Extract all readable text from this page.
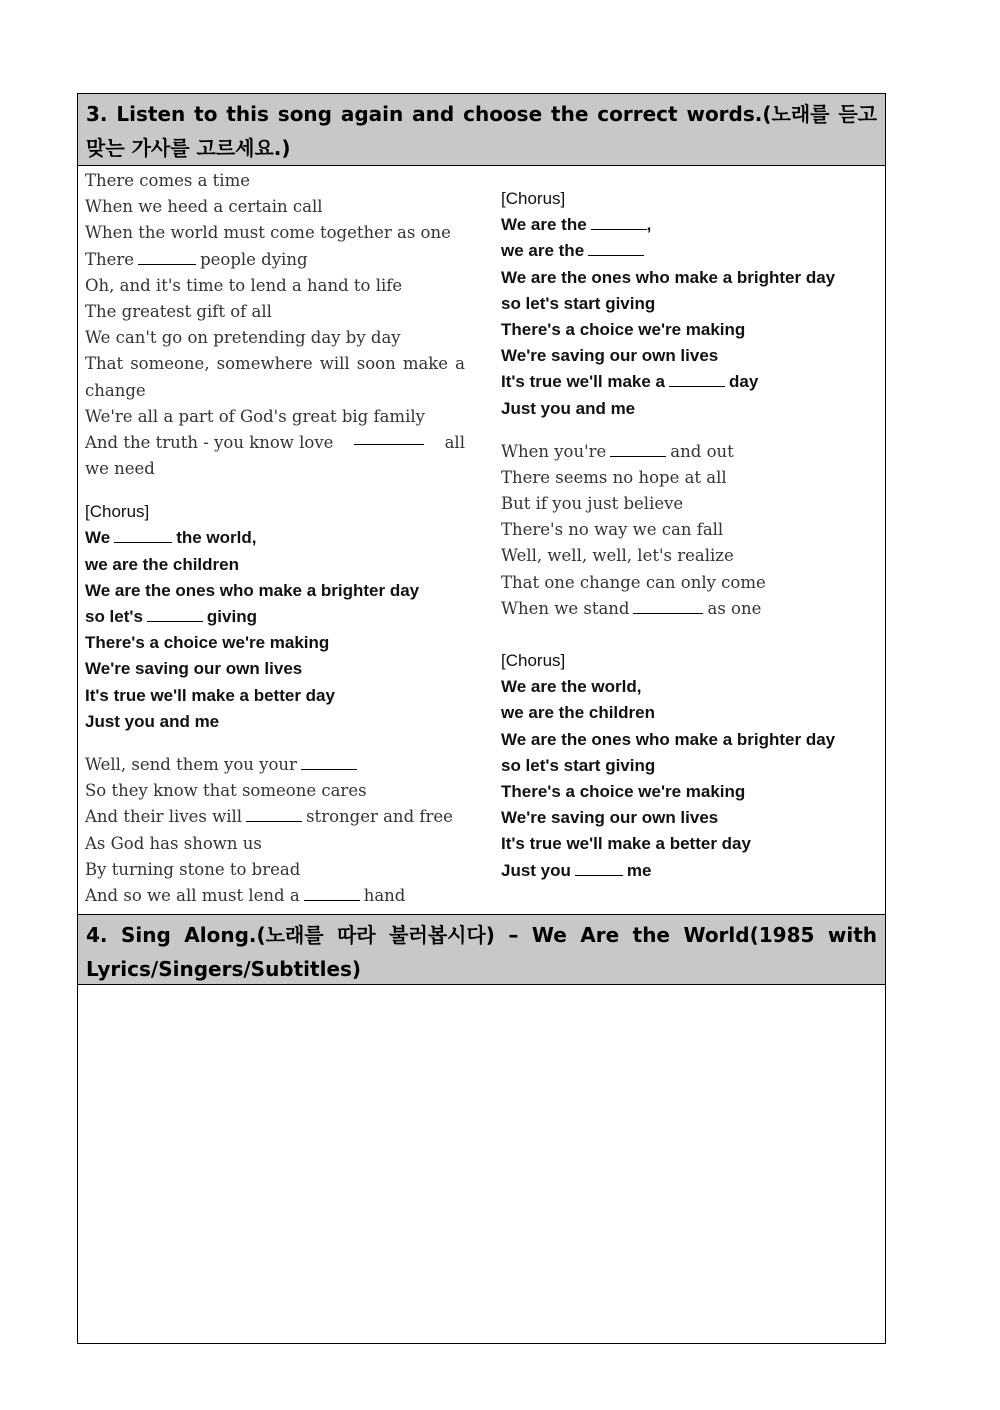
3. Listen to this song again and choose the correct words.(노래를 듣고 맞는 가사를 고르세요.)
There comes a time
When we heed a certain call
When the world must come together as one
There	people dying
Oh, and it's time to lend a hand to life
The greatest gift of all
We can't go on pretending day by day
That someone, somewhere will soon make a change
We're all a part of God's great big family
And the truth - you know love	all
we need
[Chorus]
We	the world,
we are the children
We are the ones who make a brighter day
so let's	giving
There's a choice we're making
We're saving our own lives
It's true we'll make a better day
Just you and me
Well, send them you your
So they know that someone cares
And their lives will	stronger and free
As God has shown us
By turning stone to bread
And so we all must lend a	hand
[Chorus]
We are the	,
we are the
We are the ones who make a brighter day
so let's start giving
There's a choice we're making
We're saving our own lives
It's true we'll make a	day
Just you and me
When you're	and out
There seems no hope at all
But if you just believe
There's no way we can fall
Well, well, well, let's realize
That one change can only come
When we stand	as one
[Chorus]
We are the world,
we are the children
We are the ones who make a brighter day
so let's start giving
There's a choice we're making
We're saving our own lives
It's true we'll make a better day
Just you	me
4. Sing Along.(노래를 따라 불러봅시다) – We Are the World(1985 with Lyrics/Singers/Subtitles)
